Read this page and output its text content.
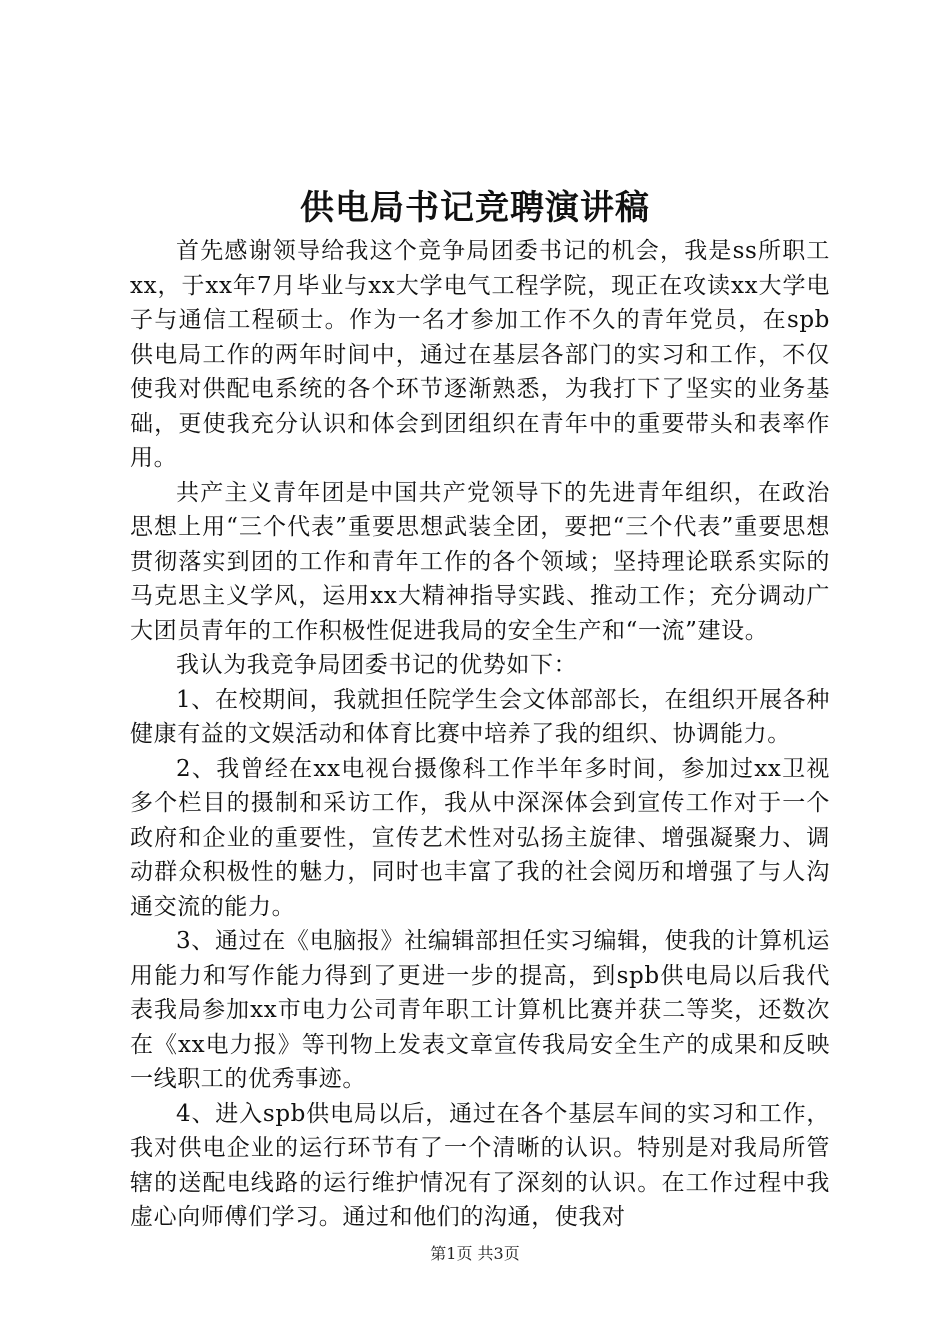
供电局书记竞聘演讲稿

首先感谢领导给我这个竞争局团委书记的机会，我是ss所职工xx，于xx年7月毕业与xx大学电气工程学院，现正在攻读xx大学电子与通信工程硕士。作为一名才参加工作不久的青年党员，在spb供电局工作的两年时间中，通过在基层各部门的实习和工作，不仅使我对供配电系统的各个环节逐渐熟悉，为我打下了坚实的业务基础，更使我充分认识和体会到团组织在青年中的重要带头和表率作用。

共产主义青年团是中国共产党领导下的先进青年组织，在政治思想上用“三个代表”重要思想武装全团，要把“三个代表”重要思想贯彻落实到团的工作和青年工作的各个领域；坚持理论联系实际的马克思主义学风，运用xx大精神指导实践、推动工作；充分调动广大团员青年的工作积极性促进我局的安全生产和“一流”建设。

我认为我竞争局团委书记的优势如下：

1、在校期间，我就担任院学生会文体部部长，在组织开展各种健康有益的文娱活动和体育比赛中培养了我的组织、协调能力。

2、我曾经在xx电视台摄像科工作半年多时间，参加过xx卫视多个栏目的摄制和采访工作，我从中深深体会到宣传工作对于一个政府和企业的重要性，宣传艺术性对弘扬主旋律、增强凝聚力、调动群众积极性的魅力，同时也丰富了我的社会阅历和增强了与人沟通交流的能力。

3、通过在《电脑报》社编辑部担任实习编辑，使我的计算机运用能力和写作能力得到了更进一步的提高，到spb供电局以后我代表我局参加xx市电力公司青年职工计算机比赛并获二等奖，还数次在《xx电力报》等刊物上发表文章宣传我局安全生产的成果和反映一线职工的优秀事迹。

4、进入spb供电局以后，通过在各个基层车间的实习和工作，我对供电企业的运行环节有了一个清晰的认识。特别是对我局所管辖的送配电线路的运行维护情况有了深刻的认识。在工作过程中我虚心向师傅们学习。通过和他们的沟通，使我对

第1页 共3页
